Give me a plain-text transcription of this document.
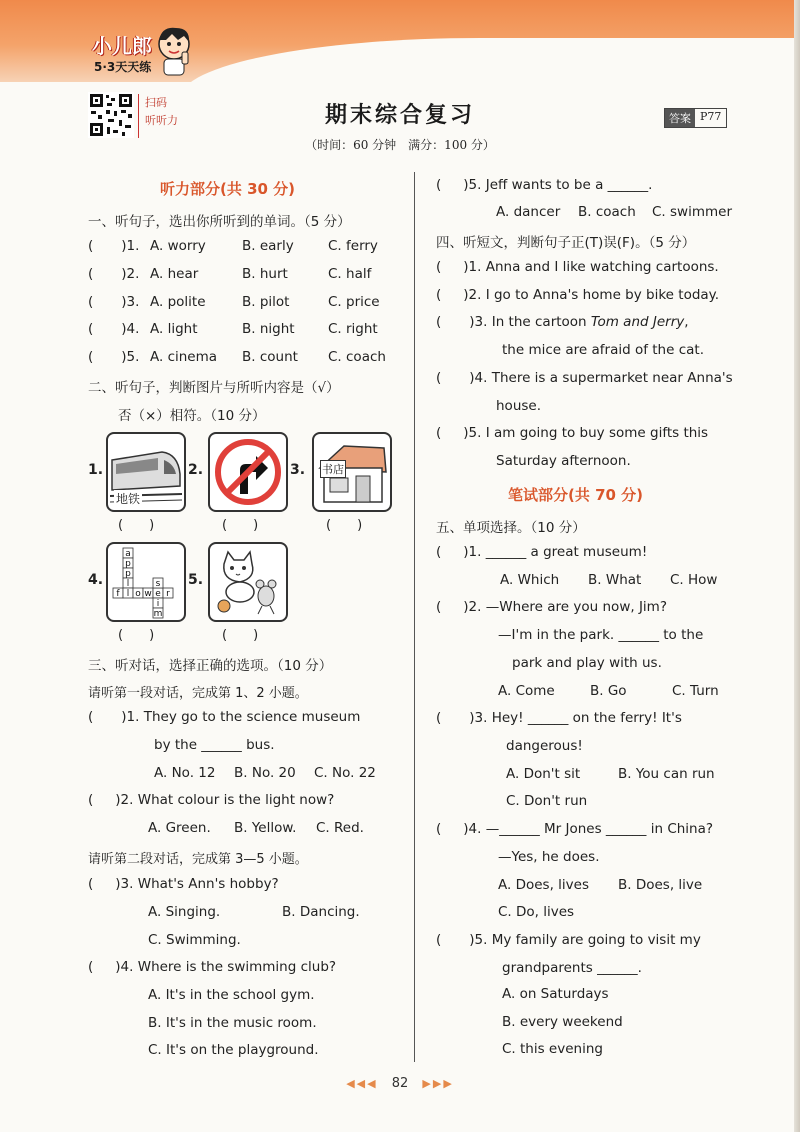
小儿郎
5·3天天练
扫码
听听力	期末综合复习
（时间：60 分钟　满分：100 分）
答案 P77
听力部分(共 30 分)
一、听句子，选出你所听到的单词。（5 分）
( )1. A. worry	B. early	C. ferry
( )2. A. hear	B. hurt	C. half
( )3. A. polite	B. pilot	C. price
( )4. A. light	B. night C. right
( )5. A. cinema B. count C. coach
二、听句子，判断图片与所听内容是（√）
否（×）相符。（10 分）
1.
地铁
(　　)
2.
(　　)
3. 书店
(　　)
4.
a
p
p
l
f l o w e r
s
i
m
(　　)
5.
(　　)
三、听对话，选择正确的选项。（10 分）
请听第一段对话，完成第 1、2 小题。
( )1. They go to the science museum
by the ______ bus.
A. No. 12 B. No. 20 C. No. 22
( )2. What colour is the light now?
A. Green. B. Yellow. C. Red.
请听第二段对话，完成第 3—5 小题。
( )3. What's Ann's hobby?
A. Singing.	B. Dancing.
C. Swimming.
( )4. Where is the swimming club?
A. It's in the school gym.
B. It's in the music room.
C. It's on the playground.
( )5. Jeff wants to be a ______.
A. dancer B. coach C. swimmer
四、听短文，判断句子正(T)误(F)。（5 分）
( )1. Anna and I like watching cartoons.
( )2. I go to Anna's home by bike today.
( )3. In the cartoon Tom and Jerry,
the mice are afraid of the cat.
( )4. There is a supermarket near Anna's
house.
( )5. I am going to buy some gifts this
Saturday afternoon.
笔试部分(共 70 分)
五、单项选择。（10 分）
( )1. ______ a great museum!
A. Which B. What C. How
( )2. —Where are you now, Jim?
—I'm in the park. ______ to the
park and play with us.
A. Come	B. Go	C. Turn
( )3. Hey! ______ on the ferry! It's
dangerous!
A. Don't sit	B. You can run
C. Don't run
( )4. —______ Mr Jones ______ in China?
—Yes, he does.
A. Does, lives B. Does, live
C. Do, lives
( )5. My family are going to visit my
grandparents ______.
A. on Saturdays
B. every weekend
C. this evening
◀◀◀ 82 ▶▶▶
